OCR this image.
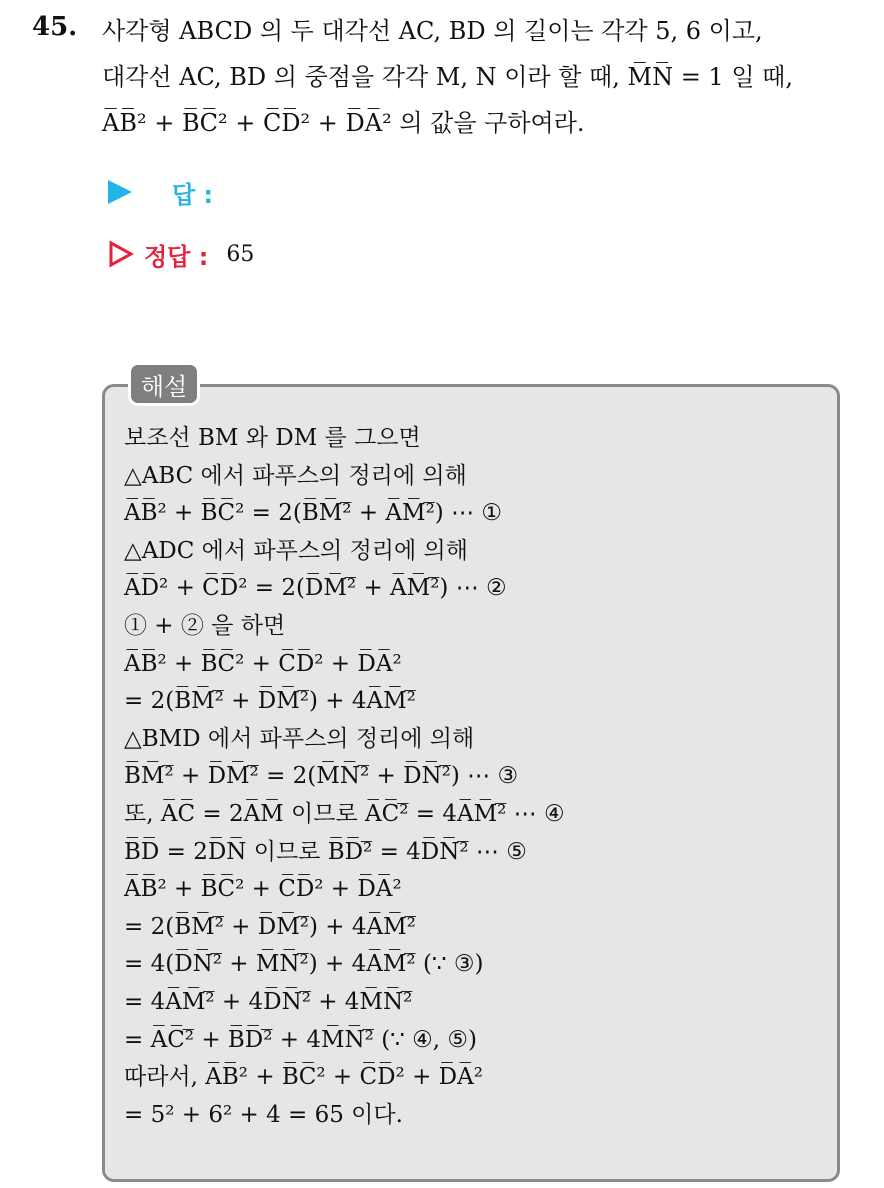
45. 사각형 ABCD 의 두 대각선 AC, BD 의 길이는 각각 5, 6 이고,
대각선 AC, BD 의 중점을 각각 M, N 이라 할 때, M̅N̅ = 1 일 때,
A̅B̅² + B̅C̅² + C̅D̅² + D̅A̅² 의 값을 구하여라.
답 :
정답 : 65
해설
보조선 BM 와 DM 를 그으면
△ABC 에서 파푸스의 정리에 의해
A̅B̅² + B̅C̅² = 2(B̅M̅²̅ + A̅M̅²̅) ⋯ ①
△ADC 에서 파푸스의 정리에 의해
A̅D̅² + C̅D̅² = 2(D̅M̅²̅ + A̅M̅²̅) ⋯ ②
① + ② 을 하면
A̅B̅² + B̅C̅² + C̅D̅² + D̅A̅²
= 2(B̅M̅²̅ + D̅M̅²̅) + 4A̅M̅²̅
△BMD 에서 파푸스의 정리에 의해
B̅M̅²̅ + D̅M̅²̅ = 2(M̅N̅²̅ + D̅N̅²̅) ⋯ ③
또, A̅C̅ = 2A̅M̅ 이므로 A̅C̅²̅ = 4A̅M̅²̅ ⋯ ④
B̅D̅ = 2D̅N̅ 이므로 B̅D̅²̅ = 4D̅N̅²̅ ⋯ ⑤
A̅B̅² + B̅C̅² + C̅D̅² + D̅A̅²
= 2(B̅M̅²̅ + D̅M̅²̅) + 4A̅M̅²̅
= 4(D̅N̅²̅ + M̅N̅²̅) + 4A̅M̅²̅ (∵ ③)
= 4A̅M̅²̅ + 4D̅N̅²̅ + 4M̅N̅²̅
= A̅C̅²̅ + B̅D̅²̅ + 4M̅N̅²̅ (∵ ④, ⑤)
따라서, A̅B̅² + B̅C̅² + C̅D̅² + D̅A̅²
= 5² + 6² + 4 = 65 이다.
